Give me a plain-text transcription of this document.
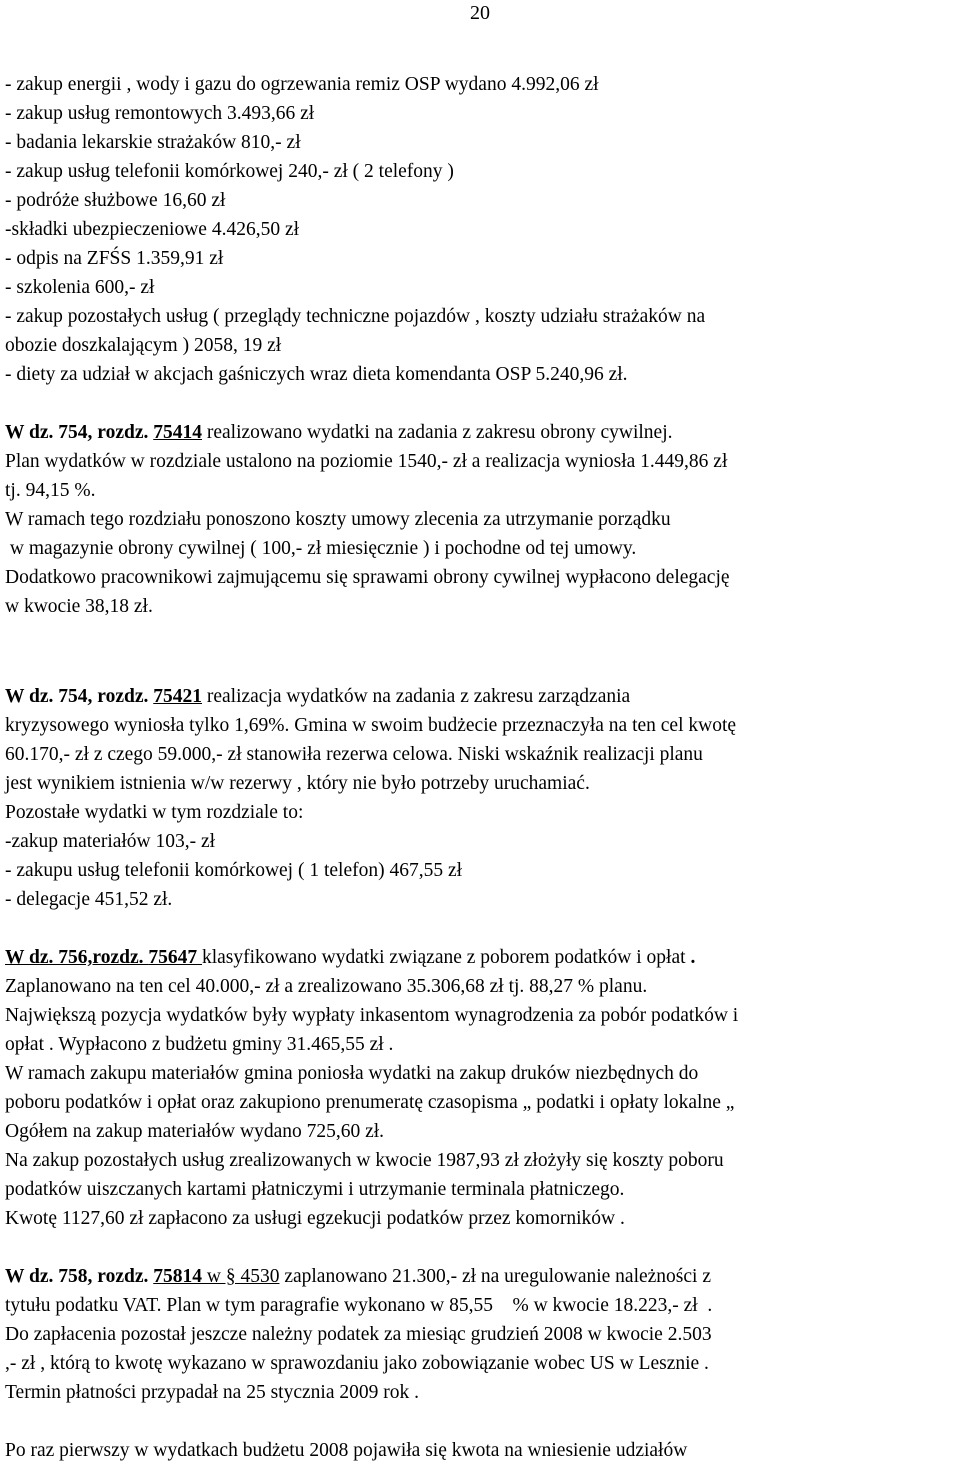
20
- zakup energii , wody i gazu do ogrzewania remiz OSP wydano 4.992,06 zł
- zakup usług remontowych 3.493,66 zł
- badania lekarskie strażaków 810,- zł
- zakup usług telefonii komórkowej 240,- zł ( 2 telefony )
- podróże służbowe 16,60 zł
-składki ubezpieczeniowe 4.426,50 zł
- odpis na ZFŚS 1.359,91 zł
- szkolenia 600,- zł
- zakup pozostałych usług ( przeglądy techniczne pojazdów , koszty udziału strażaków na
obozie doszkalającym ) 2058, 19 zł
- diety za udział w akcjach gaśniczych wraz dieta komendanta OSP 5.240,96 zł.
W dz. 754, rozdz. 75414 realizowano wydatki na zadania z zakresu obrony cywilnej.
Plan wydatków w rozdziale ustalono na poziomie 1540,- zł a realizacja wyniosła 1.449,86 zł
tj. 94,15 %.
W ramach tego rozdziału ponoszono koszty umowy zlecenia za utrzymanie porządku
w magazynie obrony cywilnej ( 100,- zł miesięcznie ) i pochodne od tej umowy.
Dodatkowo pracownikowi zajmującemu się sprawami obrony cywilnej wypłacono delegację
w kwocie 38,18 zł.
W dz. 754, rozdz. 75421 realizacja wydatków na zadania z zakresu zarządzania
kryzysowego wyniosła tylko 1,69%. Gmina w swoim budżecie przeznaczyła na ten cel kwotę
60.170,- zł z czego 59.000,- zł stanowiła rezerwa celowa. Niski wskaźnik realizacji planu
jest wynikiem istnienia w/w rezerwy , który nie było potrzeby uruchamiać.
Pozostałe wydatki w tym rozdziale to:
-zakup materiałów 103,- zł
- zakupu usług telefonii komórkowej ( 1 telefon) 467,55 zł
- delegacje 451,52 zł.
W dz. 756,rozdz. 75647 klasyfikowano wydatki związane z poborem podatków i opłat .
Zaplanowano na ten cel 40.000,- zł a zrealizowano 35.306,68 zł tj. 88,27 % planu.
Największą pozycja wydatków były wypłaty inkasentom wynagrodzenia za pobór podatków i
opłat . Wypłacono z budżetu gminy 31.465,55 zł .
W ramach zakupu materiałów gmina poniosła wydatki na zakup druków niezbędnych do
poboru podatków i opłat oraz zakupiono prenumeratę czasopisma „ podatki i opłaty lokalne „
Ogółem na zakup materiałów wydano 725,60 zł.
Na zakup pozostałych usług zrealizowanych w kwocie 1987,93 zł złożyły się koszty poboru
podatków uiszczanych kartami płatniczymi i utrzymanie terminala płatniczego.
Kwotę 1127,60 zł zapłacono za usługi egzekucji podatków przez komorników .
W dz. 758, rozdz. 75814 w § 4530 zaplanowano 21.300,- zł na uregulowanie należności z
tytułu podatku VAT. Plan w tym paragrafie wykonano w 85,55    % w kwocie 18.223,- zł  .
Do zapłacenia pozostał jeszcze należny podatek za miesiąc grudzień 2008 w kwocie 2.503
,- zł , którą to kwotę wykazano w sprawozdaniu jako zobowiązanie wobec US w Lesznie .
Termin płatności przypadał na 25 stycznia 2009 rok .
Po raz pierwszy w wydatkach budżetu 2008 pojawiła się kwota na wniesienie udziałów
